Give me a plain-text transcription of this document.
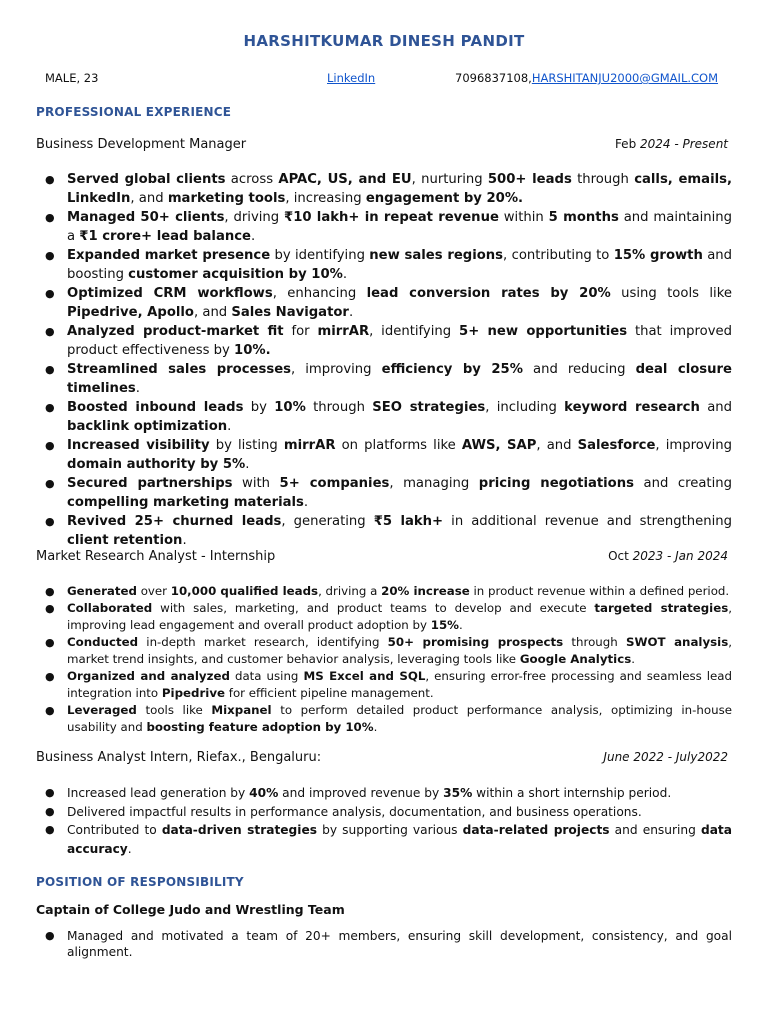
HARSHITKUMAR DINESH PANDIT
MALE, 23	LinkedIn	7096837108,HARSHITANJU2000@GMAIL.COM
PROFESSIONAL EXPERIENCE
Business Development Manager	Feb 2024 - Present
● Served global clients across APAC, US, and EU, nurturing 500+ leads through calls, emails, LinkedIn, and marketing tools, increasing engagement by 20%.
● Managed 50+ clients, driving ₹10 lakh+ in repeat revenue within 5 months and maintaining a ₹1 crore+ lead balance.
● Expanded market presence by identifying new sales regions, contributing to 15% growth and boosting customer acquisition by 10%.
● Optimized CRM workflows, enhancing lead conversion rates by 20% using tools like Pipedrive, Apollo, and Sales Navigator.
● Analyzed product-market fit for mirrAR, identifying 5+ new opportunities that improved product effectiveness by 10%.
● Streamlined sales processes, improving efficiency by 25% and reducing deal closure timelines.
● Boosted inbound leads by 10% through SEO strategies, including keyword research and backlink optimization.
● Increased visibility by listing mirrAR on platforms like AWS, SAP, and Salesforce, improving domain authority by 5%.
● Secured partnerships with 5+ companies, managing pricing negotiations and creating compelling marketing materials.
● Revived 25+ churned leads, generating ₹5 lakh+ in additional revenue and strengthening client retention.
Market Research Analyst - Internship	Oct 2023 - Jan 2024
● Generated over 10,000 qualified leads, driving a 20% increase in product revenue within a defined period.
● Collaborated with sales, marketing, and product teams to develop and execute targeted strategies, improving lead engagement and overall product adoption by 15%.
● Conducted in-depth market research, identifying 50+ promising prospects through SWOT analysis, market trend insights, and customer behavior analysis, leveraging tools like Google Analytics.
● Organized and analyzed data using MS Excel and SQL, ensuring error-free processing and seamless lead integration into Pipedrive for efficient pipeline management.
● Leveraged tools like Mixpanel to perform detailed product performance analysis, optimizing in-house usability and boosting feature adoption by 10%.
Business Analyst Intern, Riefax., Bengaluru:	June 2022 - July2022
● Increased lead generation by 40% and improved revenue by 35% within a short internship period.
● Delivered impactful results in performance analysis, documentation, and business operations.
● Contributed to data-driven strategies by supporting various data-related projects and ensuring data accuracy.
POSITION OF RESPONSIBILITY
Captain of College Judo and Wrestling Team
● Managed and motivated a team of 20+ members, ensuring skill development, consistency, and goal alignment.
